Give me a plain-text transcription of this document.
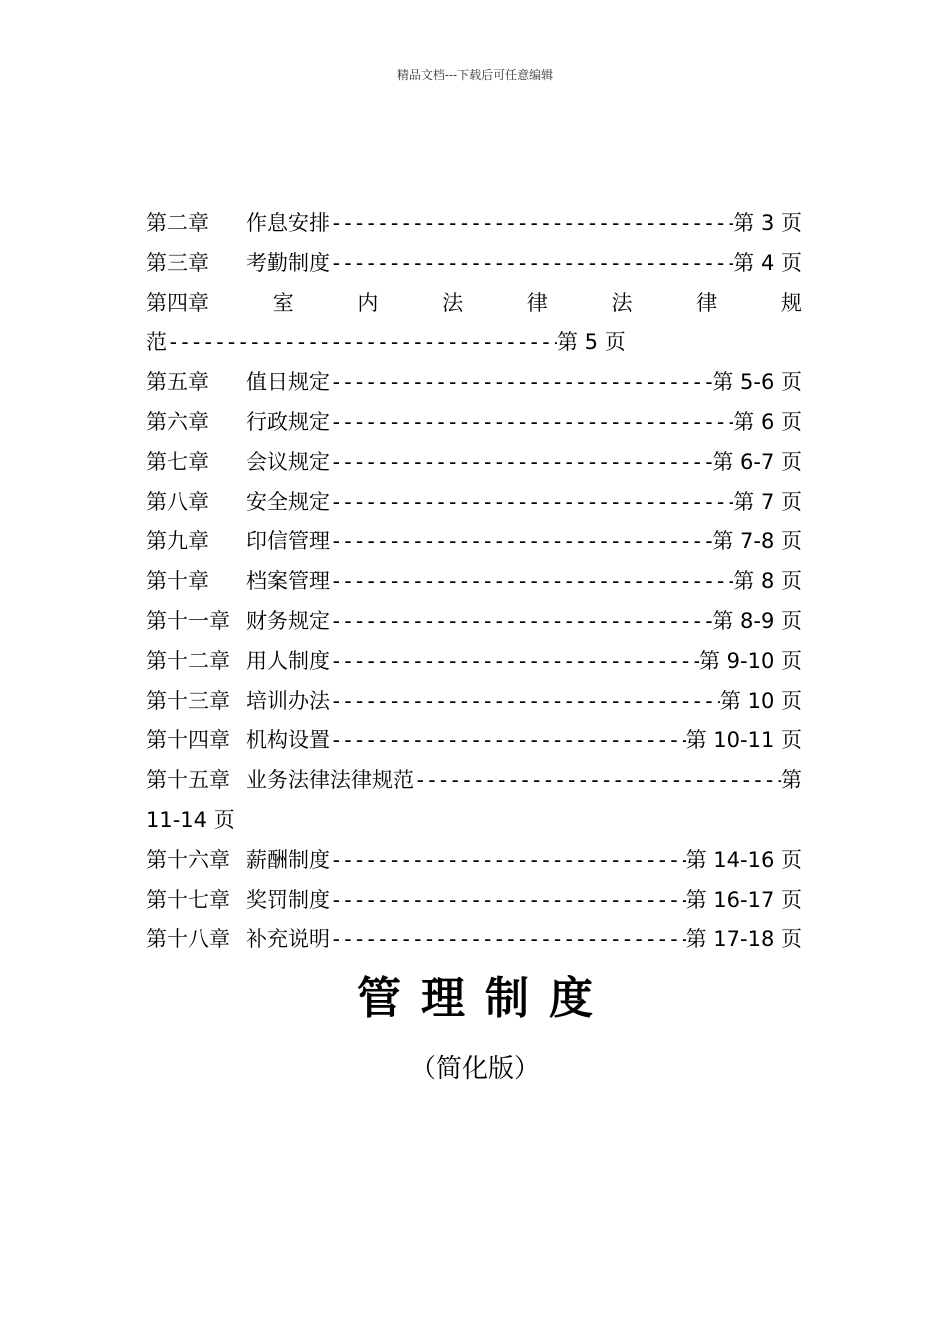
精品文档---下载后可任意编辑
第二章	作息安排 -----	第 3 页
第三章	考勤制度 -----	第 4 页
第四章	室	内	法	律	法	律	规
范 -----	第 5 页
第五章	值日规定 -----	第 5-6 页
第六章	行政规定 -----	第 6 页
第七章	会议规定 -----	第 6-7 页
第八章	安全规定 -----	第 7 页
第九章	印信管理 -----	第 7-8 页
第十章	档案管理 -----	第 8 页
第十一章 财务规定 -----	第 8-9 页
第十二章 用人制度 -----	第 9-10 页
第十三章 培训办法 -----	第 10 页
第十四章 机构设置 -----	第 10-11 页
第十五章 业务法律法律规范 -----	第
11-14 页
第十六章 薪酬制度 -----	第 14-16 页
第十七章 奖罚制度 -----	第 16-17 页
第十八章 补充说明 -----	第 17-18 页
管理制度
（简化版）
